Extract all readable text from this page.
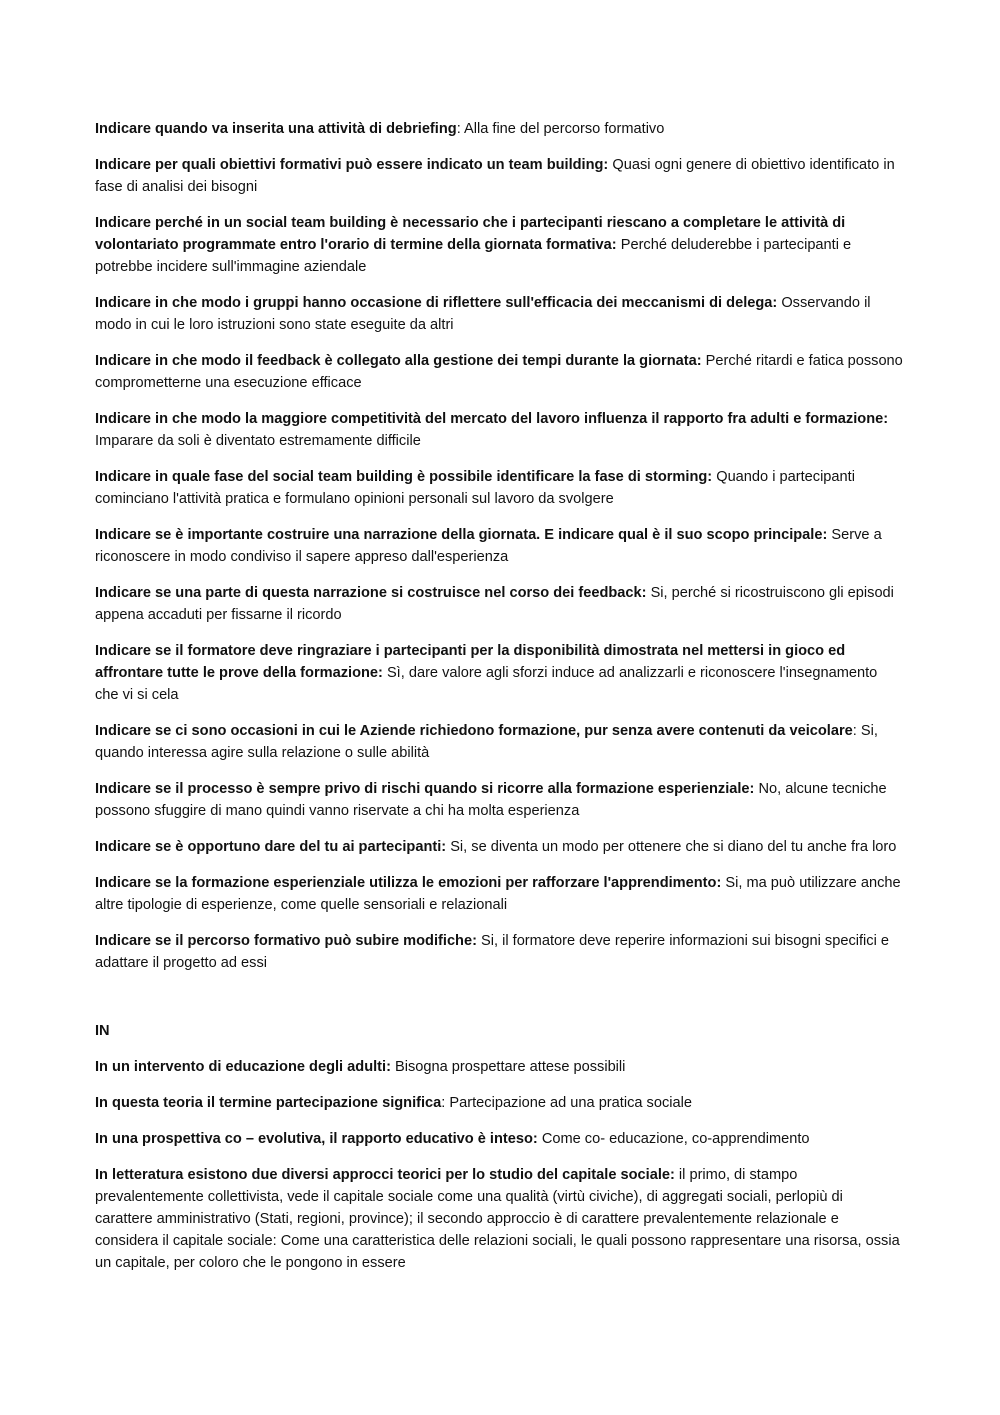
Indicare quando va inserita una attività di debriefing: Alla fine del percorso formativo

Indicare per quali obiettivi formativi può essere indicato un team building: Quasi ogni genere di obiettivo identificato in fase di analisi dei bisogni

Indicare perché in un social team building è necessario che i partecipanti riescano a completare le attività di volontariato programmate entro l'orario di termine della giornata formativa: Perché deluderebbe i partecipanti e potrebbe incidere sull'immagine aziendale

Indicare in che modo i gruppi hanno occasione di riflettere sull'efficacia dei meccanismi di delega: Osservando il modo in cui le loro istruzioni sono state eseguite da altri

Indicare in che modo il feedback è collegato alla gestione dei tempi durante la giornata: Perché ritardi e fatica possono comprometterne una esecuzione efficace

Indicare in che modo la maggiore competitività del mercato del lavoro influenza il rapporto fra adulti e formazione: Imparare da soli è diventato estremamente difficile

Indicare in quale fase del social team building è possibile identificare la fase di storming: Quando i partecipanti cominciano l'attività pratica e formulano opinioni personali sul lavoro da svolgere

Indicare se è importante costruire una narrazione della giornata. E indicare qual è il suo scopo principale: Serve a riconoscere in modo condiviso il sapere appreso dall'esperienza

Indicare se una parte di questa narrazione si costruisce nel corso dei feedback: Si, perché si ricostruiscono gli episodi appena accaduti per fissarne il ricordo

Indicare se il formatore deve ringraziare i partecipanti per la disponibilità dimostrata nel mettersi in gioco ed affrontare tutte le prove della formazione: Sì, dare valore agli sforzi induce ad analizzarli e riconoscere l'insegnamento che vi si cela

Indicare se ci sono occasioni in cui le Aziende richiedono formazione, pur senza avere contenuti da veicolare: Si, quando interessa agire sulla relazione o sulle abilità

Indicare se il processo è sempre privo di rischi quando si ricorre alla formazione esperienziale: No, alcune tecniche possono sfuggire di mano quindi vanno riservate a chi ha molta esperienza

Indicare se è opportuno dare del tu ai partecipanti: Si, se diventa un modo per ottenere che si diano del tu anche fra loro

Indicare se la formazione esperienziale utilizza le emozioni per rafforzare l'apprendimento: Si, ma può utilizzare anche altre tipologie di esperienze, come quelle sensoriali e relazionali

Indicare se il percorso formativo può subire modifiche: Si, il formatore deve reperire informazioni sui bisogni specifici e adattare il progetto ad essi

IN

In un intervento di educazione degli adulti: Bisogna prospettare attese possibili

In questa teoria il termine partecipazione significa: Partecipazione ad una pratica sociale

In una prospettiva co – evolutiva, il rapporto educativo è inteso: Come co- educazione, co-apprendimento

In letteratura esistono due diversi approcci teorici per lo studio del capitale sociale: il primo, di stampo prevalentemente collettivista, vede il capitale sociale come una qualità (virtù civiche), di aggregati sociali, perlopiù di carattere amministrativo (Stati, regioni, province); il secondo approccio è di carattere prevalentemente relazionale e considera il capitale sociale: Come una caratteristica delle relazioni sociali, le quali possono rappresentare una risorsa, ossia un capitale, per coloro che le pongono in essere
